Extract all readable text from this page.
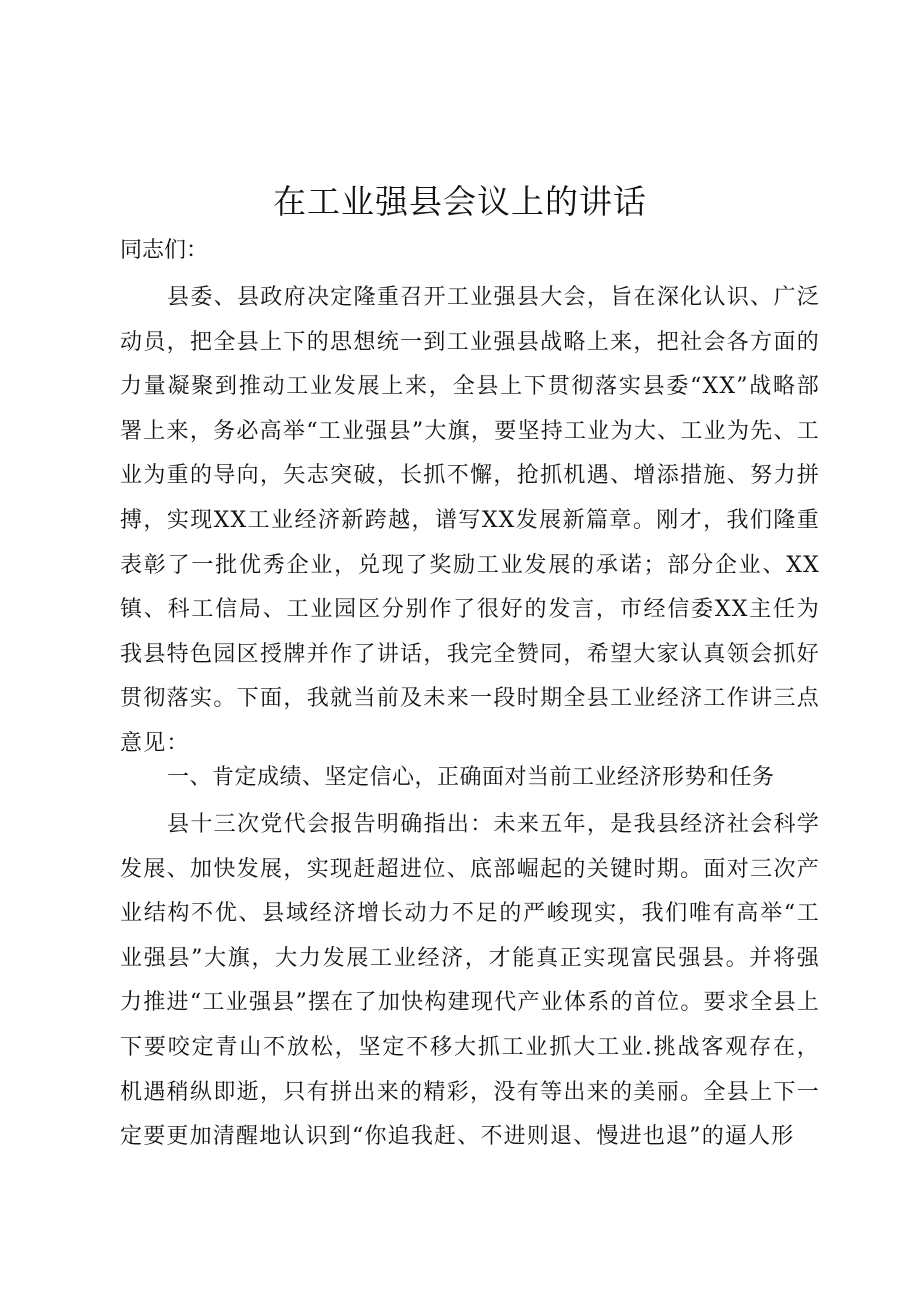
在工业强县会议上的讲话

同志们：

县委、县政府决定隆重召开工业强县大会，旨在深化认识、广泛动员，把全县上下的思想统一到工业强县战略上来，把社会各方面的力量凝聚到推动工业发展上来，全县上下贯彻落实县委“XX”战略部署上来，务必高举“工业强县”大旗，要坚持工业为大、工业为先、工业为重的导向，矢志突破，长抓不懈，抢抓机遇、增添措施、努力拼搏，实现XX工业经济新跨越，谱写XX发展新篇章。刚才，我们隆重表彰了一批优秀企业，兑现了奖励工业发展的承诺；部分企业、XX镇、科工信局、工业园区分别作了很好的发言，市经信委XX主任为我县特色园区授牌并作了讲话，我完全赞同，希望大家认真领会抓好贯彻落实。下面，我就当前及未来一段时期全县工业经济工作讲三点意见：

一、肯定成绩、坚定信心，正确面对当前工业经济形势和任务

县十三次党代会报告明确指出：未来五年，是我县经济社会科学发展、加快发展，实现赶超进位、底部崛起的关键时期。面对三次产业结构不优、县域经济增长动力不足的严峻现实，我们唯有高举“工业强县”大旗，大力发展工业经济，才能真正实现富民强县。并将强力推进“工业强县”摆在了加快构建现代产业体系的首位。要求全县上下要咬定青山不放松，坚定不移大抓工业抓大工业.挑战客观存在，机遇稍纵即逝，只有拼出来的精彩，没有等出来的美丽。全县上下一定要更加清醒地认识到“你追我赶、不进则退、慢进也退”的逼人形
